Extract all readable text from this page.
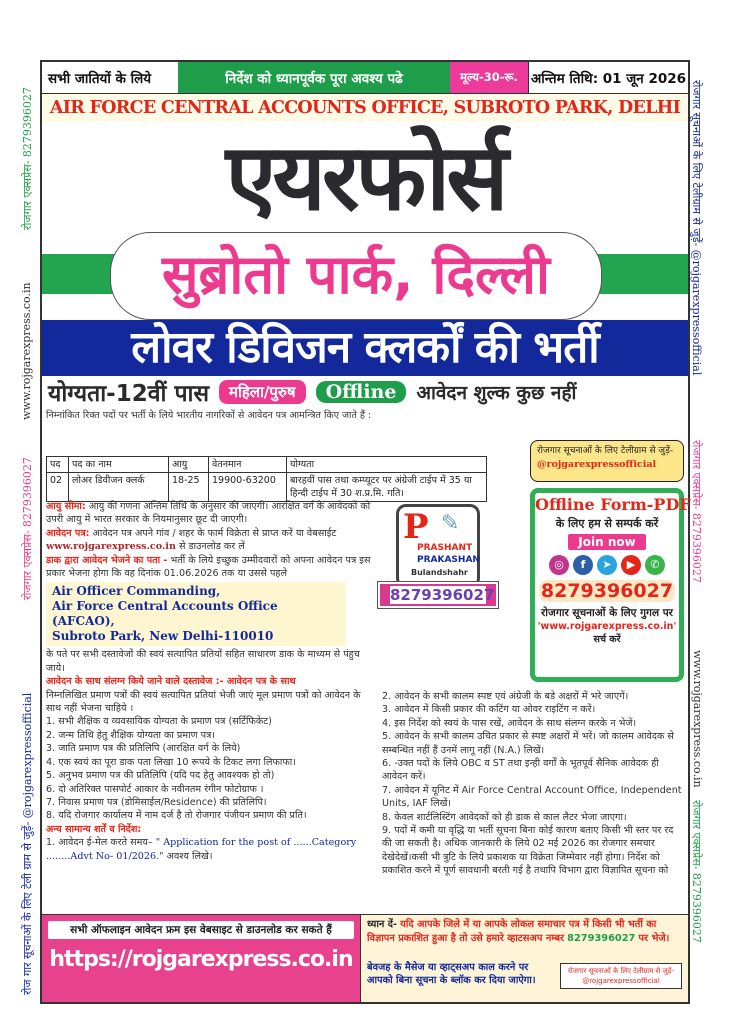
रोजगार एक्सप्रेस- 8279396027
www.rojgarexpress.co.in
रोजगार एक्सप्रेस- 8279396027
रोज गार सूचनाओं के लिए टेली ग्राम से जुड़ें- @rojgarexpressofficial
रोजगार सूचनाओं के लिए टेलीग्राम से जुड़ें- @rojgarexpressofficial
रोजगार एक्सप्रेस- 8279396027
www.rojgarexpress.co.in
रोजगार एक्सप्रेस- 8279396027
सभी जातियों के लिये	निर्देश को ध्यानपूर्वक पूरा अवश्य पढे	मूल्य-30-रू. अन्तिम तिथि: 01 जून 2026
AIR FORCE CENTRAL ACCOUNTS OFFICE, SUBROTO PARK, DELHI
एयरफोर्स
सुब्रोतो पार्क, दिल्ली
लोवर डिविजन क्लर्कों की भर्ती
योग्यता-12वीं पास	महिला/पुरुष	Offline	आवेदन शुल्क कुछ नहीं
निम्नांकित रिक्त पदों पर भर्ती के लिये भारतीय नागरिकों से आवेदन पत्र आमन्त्रित किए जाते हैं :
पद	पद का नाम	आयु	वेतनमान	योग्यता
02	लोअर डिवीजन क्लर्क	18-25	19900-63200	बारहवीं पास तथा कम्प्यूटर पर अंग्रेजी टाईप में 35 या हिन्दी टाईप में 30 श.प्र.मि. गति।
रोजगार सूचनाओं के लिए टेलीग्राम से जुड़ें-
@rojgarexpressofficial
P ✎
PRASHANT
PRAKASHAN
Bulandshahr
8279396027
Offline Form-PDF
के लिए हम से सम्पर्क करें
Join now
◎	f	➤	▶	✆
8279396027
रोजगार सूचनाओं के लिए गुगल पर
'www.rojgarexpress.co.in' सर्च करें
आयु सीमा: आयु की गणना अन्तिम तिथि के अनुसार की जाएगी। आरक्षित वर्ग के आवेदकों को उपरी आयु में भारत सरकार के नियमानुसार छूट दी जाएगी।
आवेदन पत्र: आवेदन पत्र अपने गांव / शहर के फार्म विक्रेता से प्राप्त करें या वेबसाईट www.rojgarexpress.co.in से डाउनलोड कर लें
डाक द्वारा आवेदन भेजने का पता - भर्ती के लिये इच्छुक उम्मीदवारों को अपना आवेदन पत्र इस प्रकार भेजना होगा कि वह दिनांक 01.06.2026 तक या उससे पहले
Air Officer Commanding,
Air Force Central Accounts Office (AFCAO),
Subroto Park, New Delhi-110010
के पते पर सभी दस्तावेजों की स्वयं सत्यापित प्रतियों सहित साधारण डाक के माध्यम से पंहुच जाये।
आवेदन के साथ संलग्न किये जाने वाले दस्तावेज :- आवेदन पत्र के साथ
निम्नलिखित प्रमाण पत्रों की स्वयं सत्यापित प्रतियां भेजी जाएं मूल प्रमाण पत्रों को आवेदन के साथ नहीं भेजना चाहिये ।
1. सभी शैक्षिक व व्यवसायिक योग्यता के प्रमाण पत्र (सर्टिफिकेट)
2. जन्म तिथि हेतु शैक्षिक योग्यता का प्रमाण पत्र।
3. जाति प्रमाण पत्र की प्रतिलिपि (आरक्षित वर्ग के लिये)
4. एक स्वयं का पूरा डाक पता लिखा 10 रूपये के टिकट लगा लिफाफा।
5. अनुभव प्रमाण पत्र की प्रतिलिपि (यदि पद हेतु आवश्यक हो तो)
6. दो अतिरिक्त पासपोर्ट आकार के नवीनतम रंगीन फोटोग्राफ ।
7. निवास प्रमाण पत्र (डोमिसाईल/Residence) की प्रतिलिपि।
8. यदि रोजगार कार्यालय में नाम दर्ज है तो रोजगार पंजीयन प्रमाण की प्रति।
अन्य सामान्य शर्तें व निर्देश:
1. आवेदन ई-मेल करते समय– " Application for the post of ......Category ........Advt No- 01/2026." अवश्य लिखे।
2. आवेदन के सभी कालम स्पष्ट एवं अंग्रेजी के बडे अक्षरों में भरे जाएगें।
3. आवेदन में किसी प्रकार की कटिंग या ओवर राइटिंग न करें।
4. इस निर्देश को स्वयं के पास रखें, आवेदन के साथ संलग्न करके न भेजें।
5. आवेदन के सभी कालम उचित प्रकार से स्पष्ट अक्षरों में भरें। जो कालम आवेदक से सम्बन्धित नहीं हैं उनमें लागू नहीं (N.A.) लिखें।
6. -उक्त पदों के लिये OBC व ST तथा इन्ही वर्गों के भूतपूर्व सैनिक आवेदक ही आवेदन करें।
7. आवेदन में यूनिट में Air Force Central Account Office, Independent Units, IAF लिखें।
8. केवल शार्टलिस्टिंग आवेदकों को ही डाक से काल लैटर भेजा जाएगा।
9. पदों में कमी या वृद्धि या भर्ती सूचना बिना कोई कारण बताए किसी भी स्तर पर रद की जा सकती है। अधिक जानकारी के लिये 02 मई 2026 का रोजगार समचार देखेदेखें।कसी भी त्रुटि के लिये प्रकाशक या विक्रेता जिम्मेवार नहीं होगा। निर्देश को प्रकाशित करने में पूर्ण सावधानी बरती गई है तथापि विभाग द्वारा विज्ञापित सूचना को
सभी ऑफलाइन आवेदन फ्रम इस वेबसाइट से डाउनलोड कर सकते हैं
https://rojgarexpress.co.in
ध्यान दें- यदि आपके जिले में या आपके लोकल समाचार पत्र में किसी भी भर्ती का विज्ञापन प्रकाशित हुआ है तो उसे हमारे व्हाटसअप नम्बर 8279396027 पर भेजे।
बेवजह के मैसेज या व्हाट्सअप काल करने पर आपको बिना सूचना के ब्लॉक कर दिया जाऐगा।
रोजगार सूचनाओं के लिए टेलीग्राम से जुड़ें-
@rojgarexpressofficial
